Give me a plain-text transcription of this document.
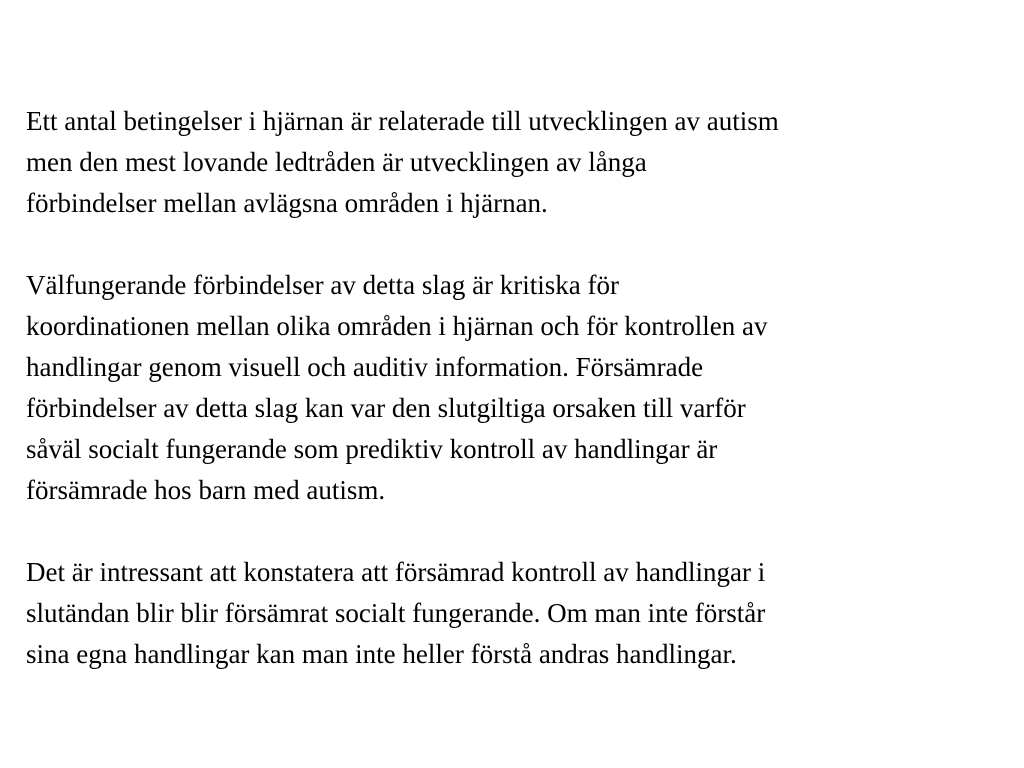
Ett antal betingelser i hjärnan är relaterade till utvecklingen av autism
men den mest lovande ledtråden är utvecklingen av långa
förbindelser mellan avlägsna områden i hjärnan.

Välfungerande förbindelser av detta slag är kritiska för
koordinationen mellan olika områden i hjärnan och för kontrollen av
handlingar genom visuell och auditiv information. Försämrade
förbindelser av detta slag kan var den slutgiltiga orsaken till varför
såväl socialt fungerande som prediktiv kontroll av handlingar är
försämrade hos barn med autism.

Det är intressant att konstatera att försämrad kontroll av handlingar i
slutändan blir blir försämrat socialt fungerande. Om man inte förstår
sina egna handlingar kan man inte heller förstå andras handlingar.
